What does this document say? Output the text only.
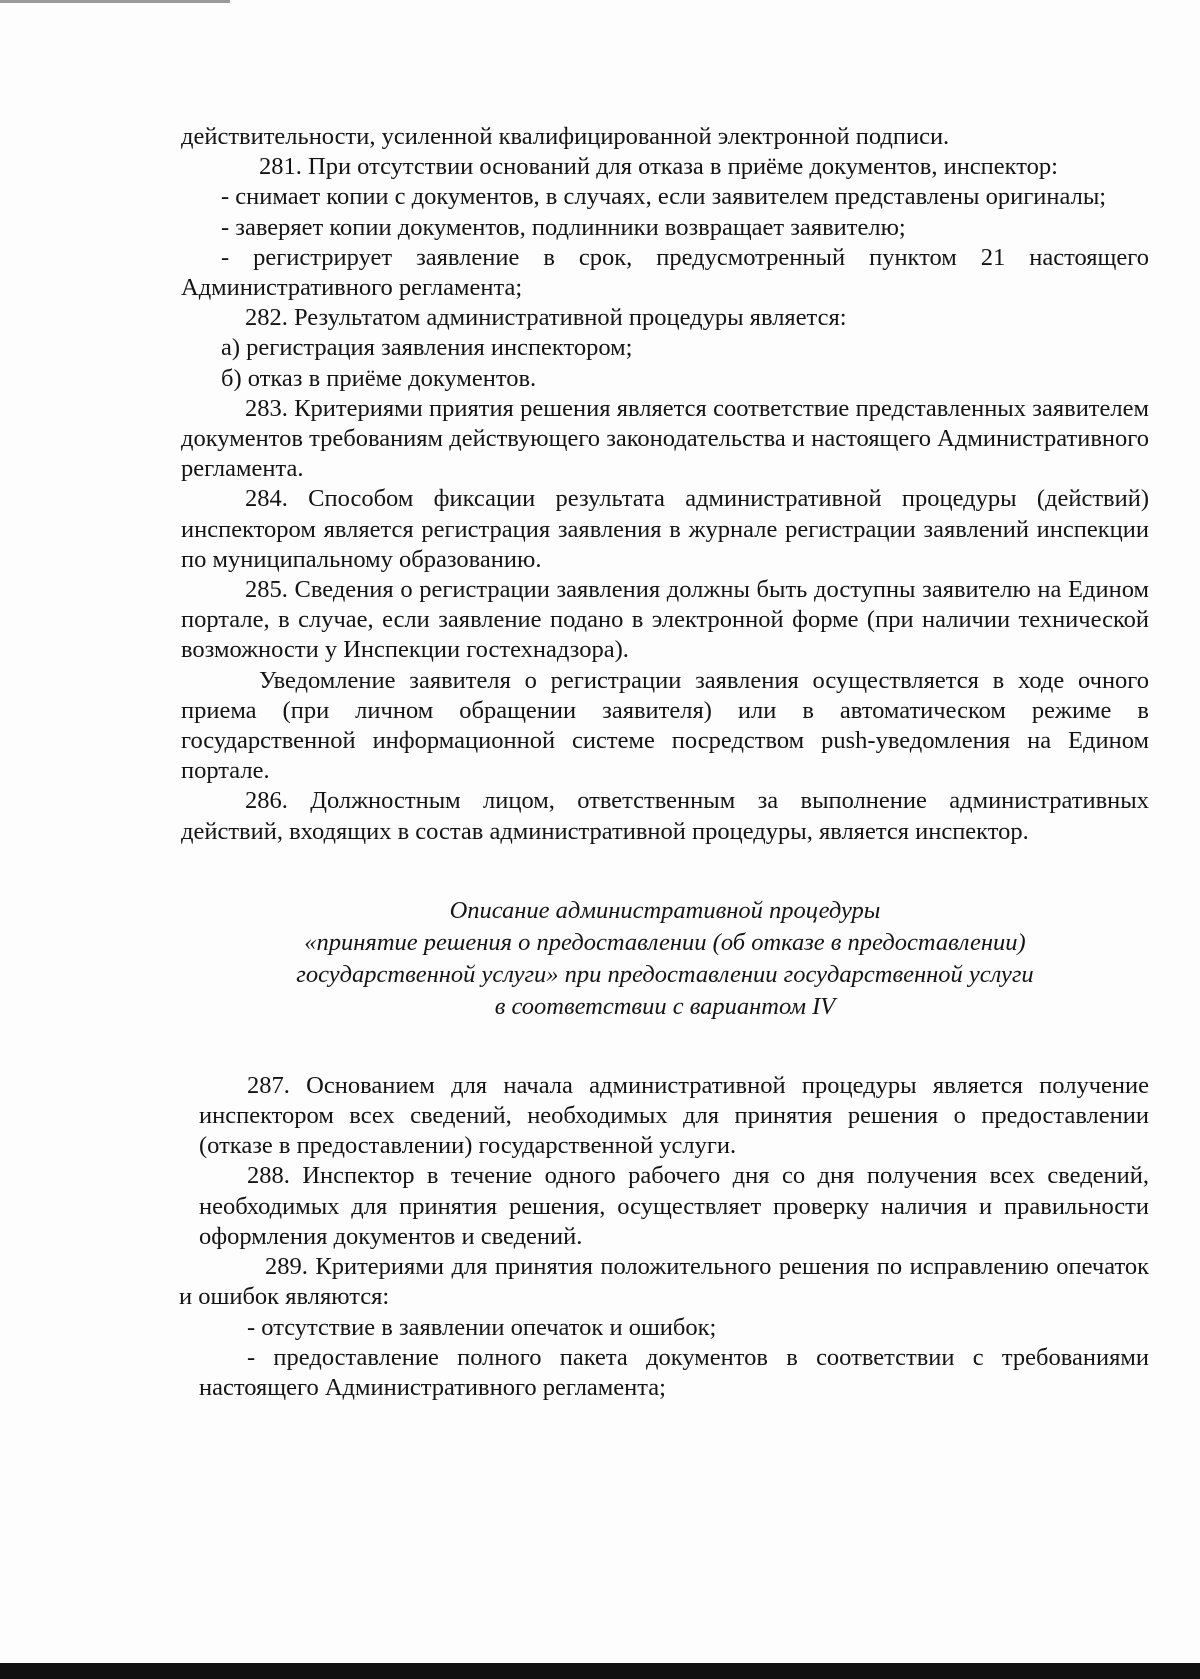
действительности, усиленной квалифицированной электронной подписи.

281. При отсутствии оснований для отказа в приёме документов, инспектор:

- снимает копии с документов, в случаях, если заявителем представлены оригиналы;

- заверяет копии документов, подлинники возвращает заявителю;

- регистрирует заявление в срок, предусмотренный пунктом 21 настоящего Административного регламента;

282. Результатом административной процедуры является:

а) регистрация заявления инспектором;

б) отказ в приёме документов.

283. Критериями приятия решения является соответствие представленных заявителем документов требованиям действующего законодательства и настоящего Административного регламента.

284. Способом фиксации результата административной процедуры (действий) инспектором является регистрация заявления в журнале регистрации заявлений инспекции по муниципальному образованию.

285. Сведения о регистрации заявления должны быть доступны заявителю на Едином портале, в случае, если заявление подано в электронной форме (при наличии технической возможности у Инспекции гостехнадзора).

Уведомление заявителя о регистрации заявления осуществляется в ходе очного приема (при личном обращении заявителя) или в автоматическом режиме в государственной информационной системе посредством push-уведомления на Едином портале.

286. Должностным лицом, ответственным за выполнение административных действий, входящих в состав административной процедуры, является инспектор.

Описание административной процедуры
«принятие решения о предоставлении (об отказе в предоставлении)
государственной услуги» при предоставлении государственной услуги
в соответствии с вариантом IV

287. Основанием для начала административной процедуры является получение инспектором всех сведений, необходимых для принятия решения о предоставлении (отказе в предоставлении) государственной услуги.

288. Инспектор в течение одного рабочего дня со дня получения всех сведений, необходимых для принятия решения, осуществляет проверку наличия и правильности оформления документов и сведений.

289. Критериями для принятия положительного решения по исправлению опечаток и ошибок являются:

- отсутствие в заявлении опечаток и ошибок;

- предоставление полного пакета документов в соответствии с требованиями настоящего Административного регламента;
